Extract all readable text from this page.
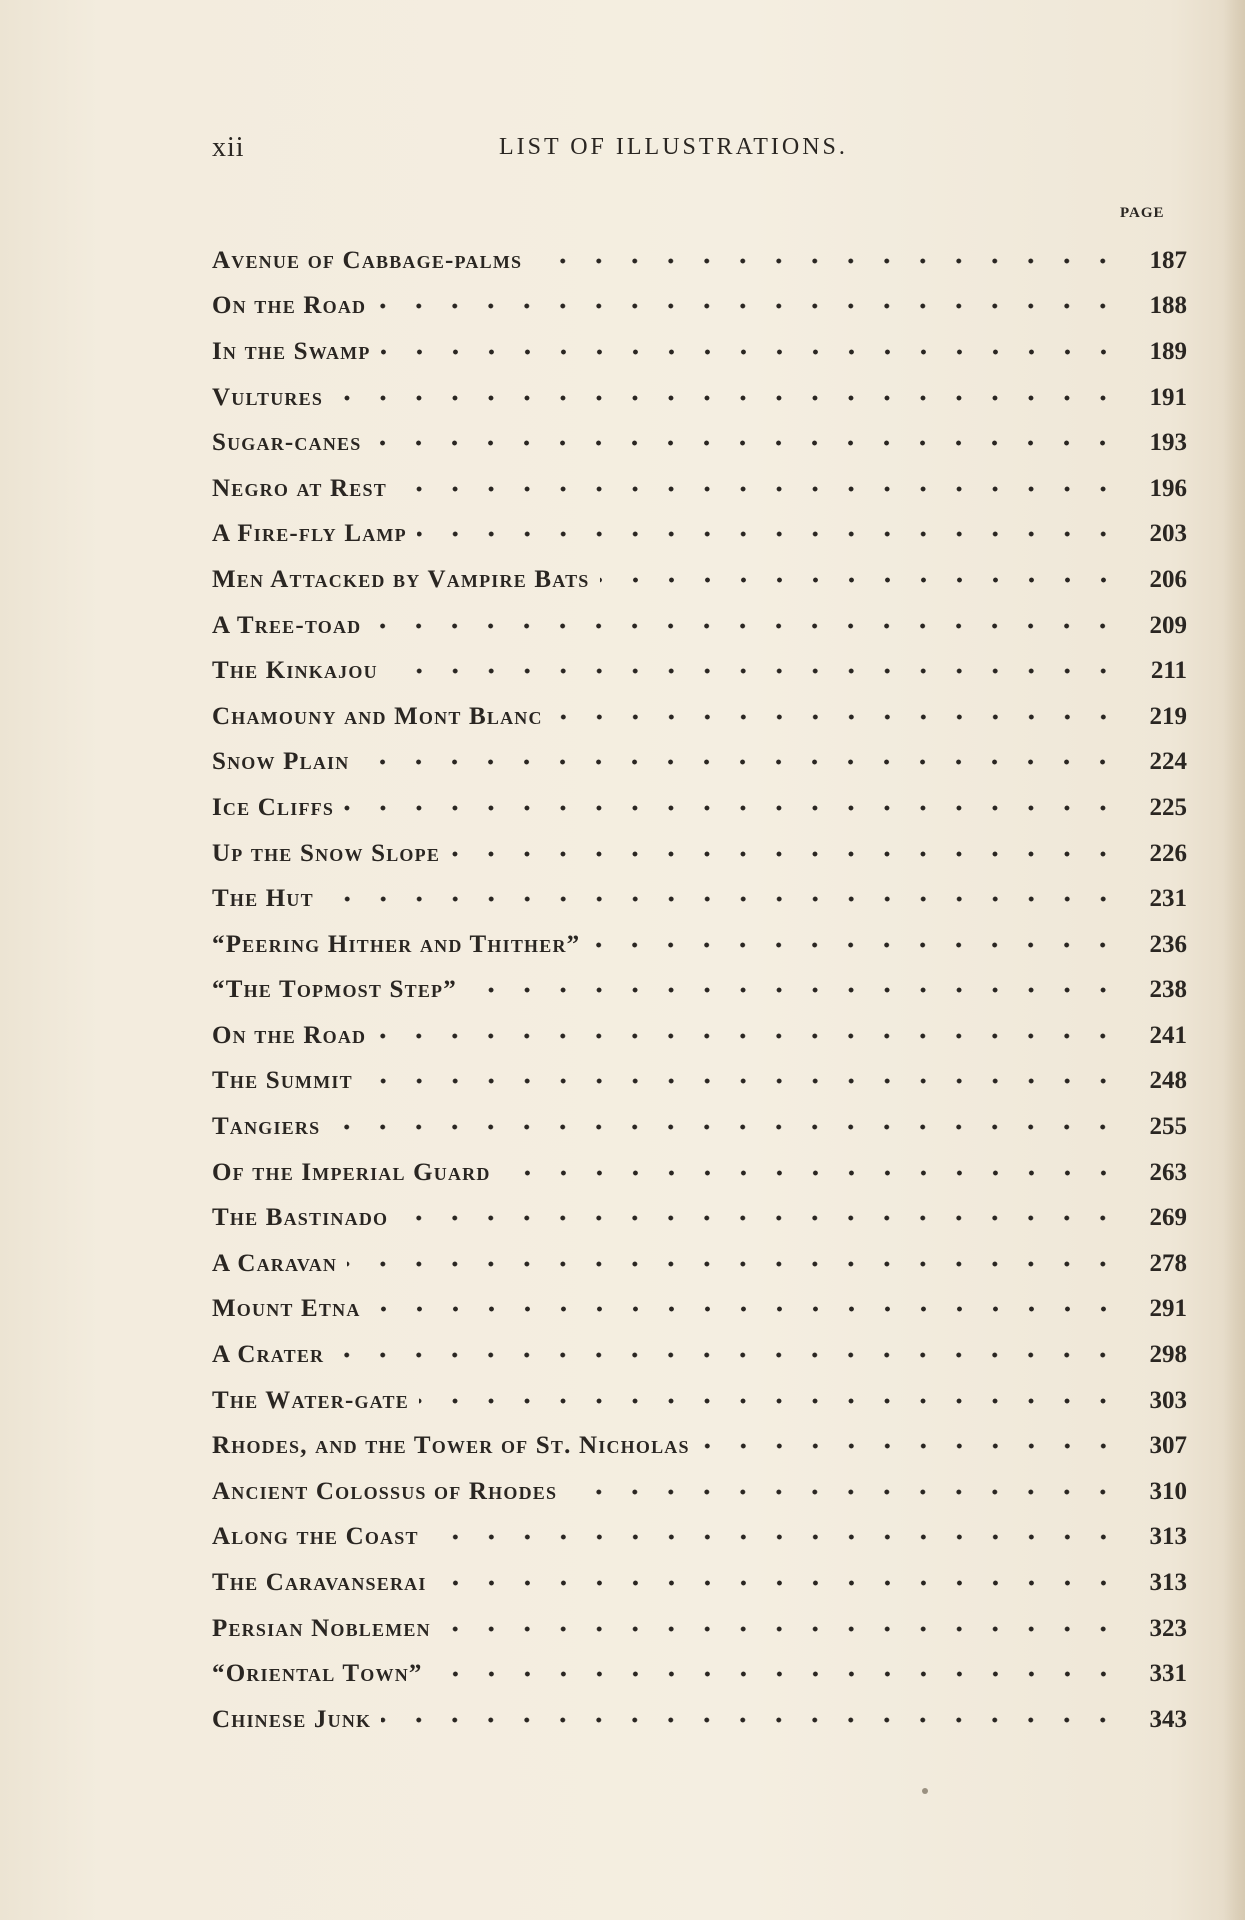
xii	LIST OF ILLUSTRATIONS.
PAGE
Avenue of Cabbage-palms	187
On the Road	188
In the Swamp	189
Vultures	191
Sugar-canes	193
Negro at Rest	196
A Fire-fly Lamp	203
Men Attacked by Vampire Bats	206
A Tree-toad	209
The Kinkajou	211
Chamouny and Mont Blanc	219
Snow Plain	224
Ice Cliffs	225
Up the Snow Slope	226
The Hut	231
“Peering Hither and Thither”	236
“The Topmost Step”	238
On the Road	241
The Summit	248
Tangiers	255
Of the Imperial Guard	263
The Bastinado	269
A Caravan	278
Mount Etna	291
A Crater	298
The Water-gate	303
Rhodes, and the Tower of St. Nicholas	307
Ancient Colossus of Rhodes	310
Along the Coast	313
The Caravanserai	313
Persian Noblemen	323
“Oriental Town”	331
Chinese Junk	343
